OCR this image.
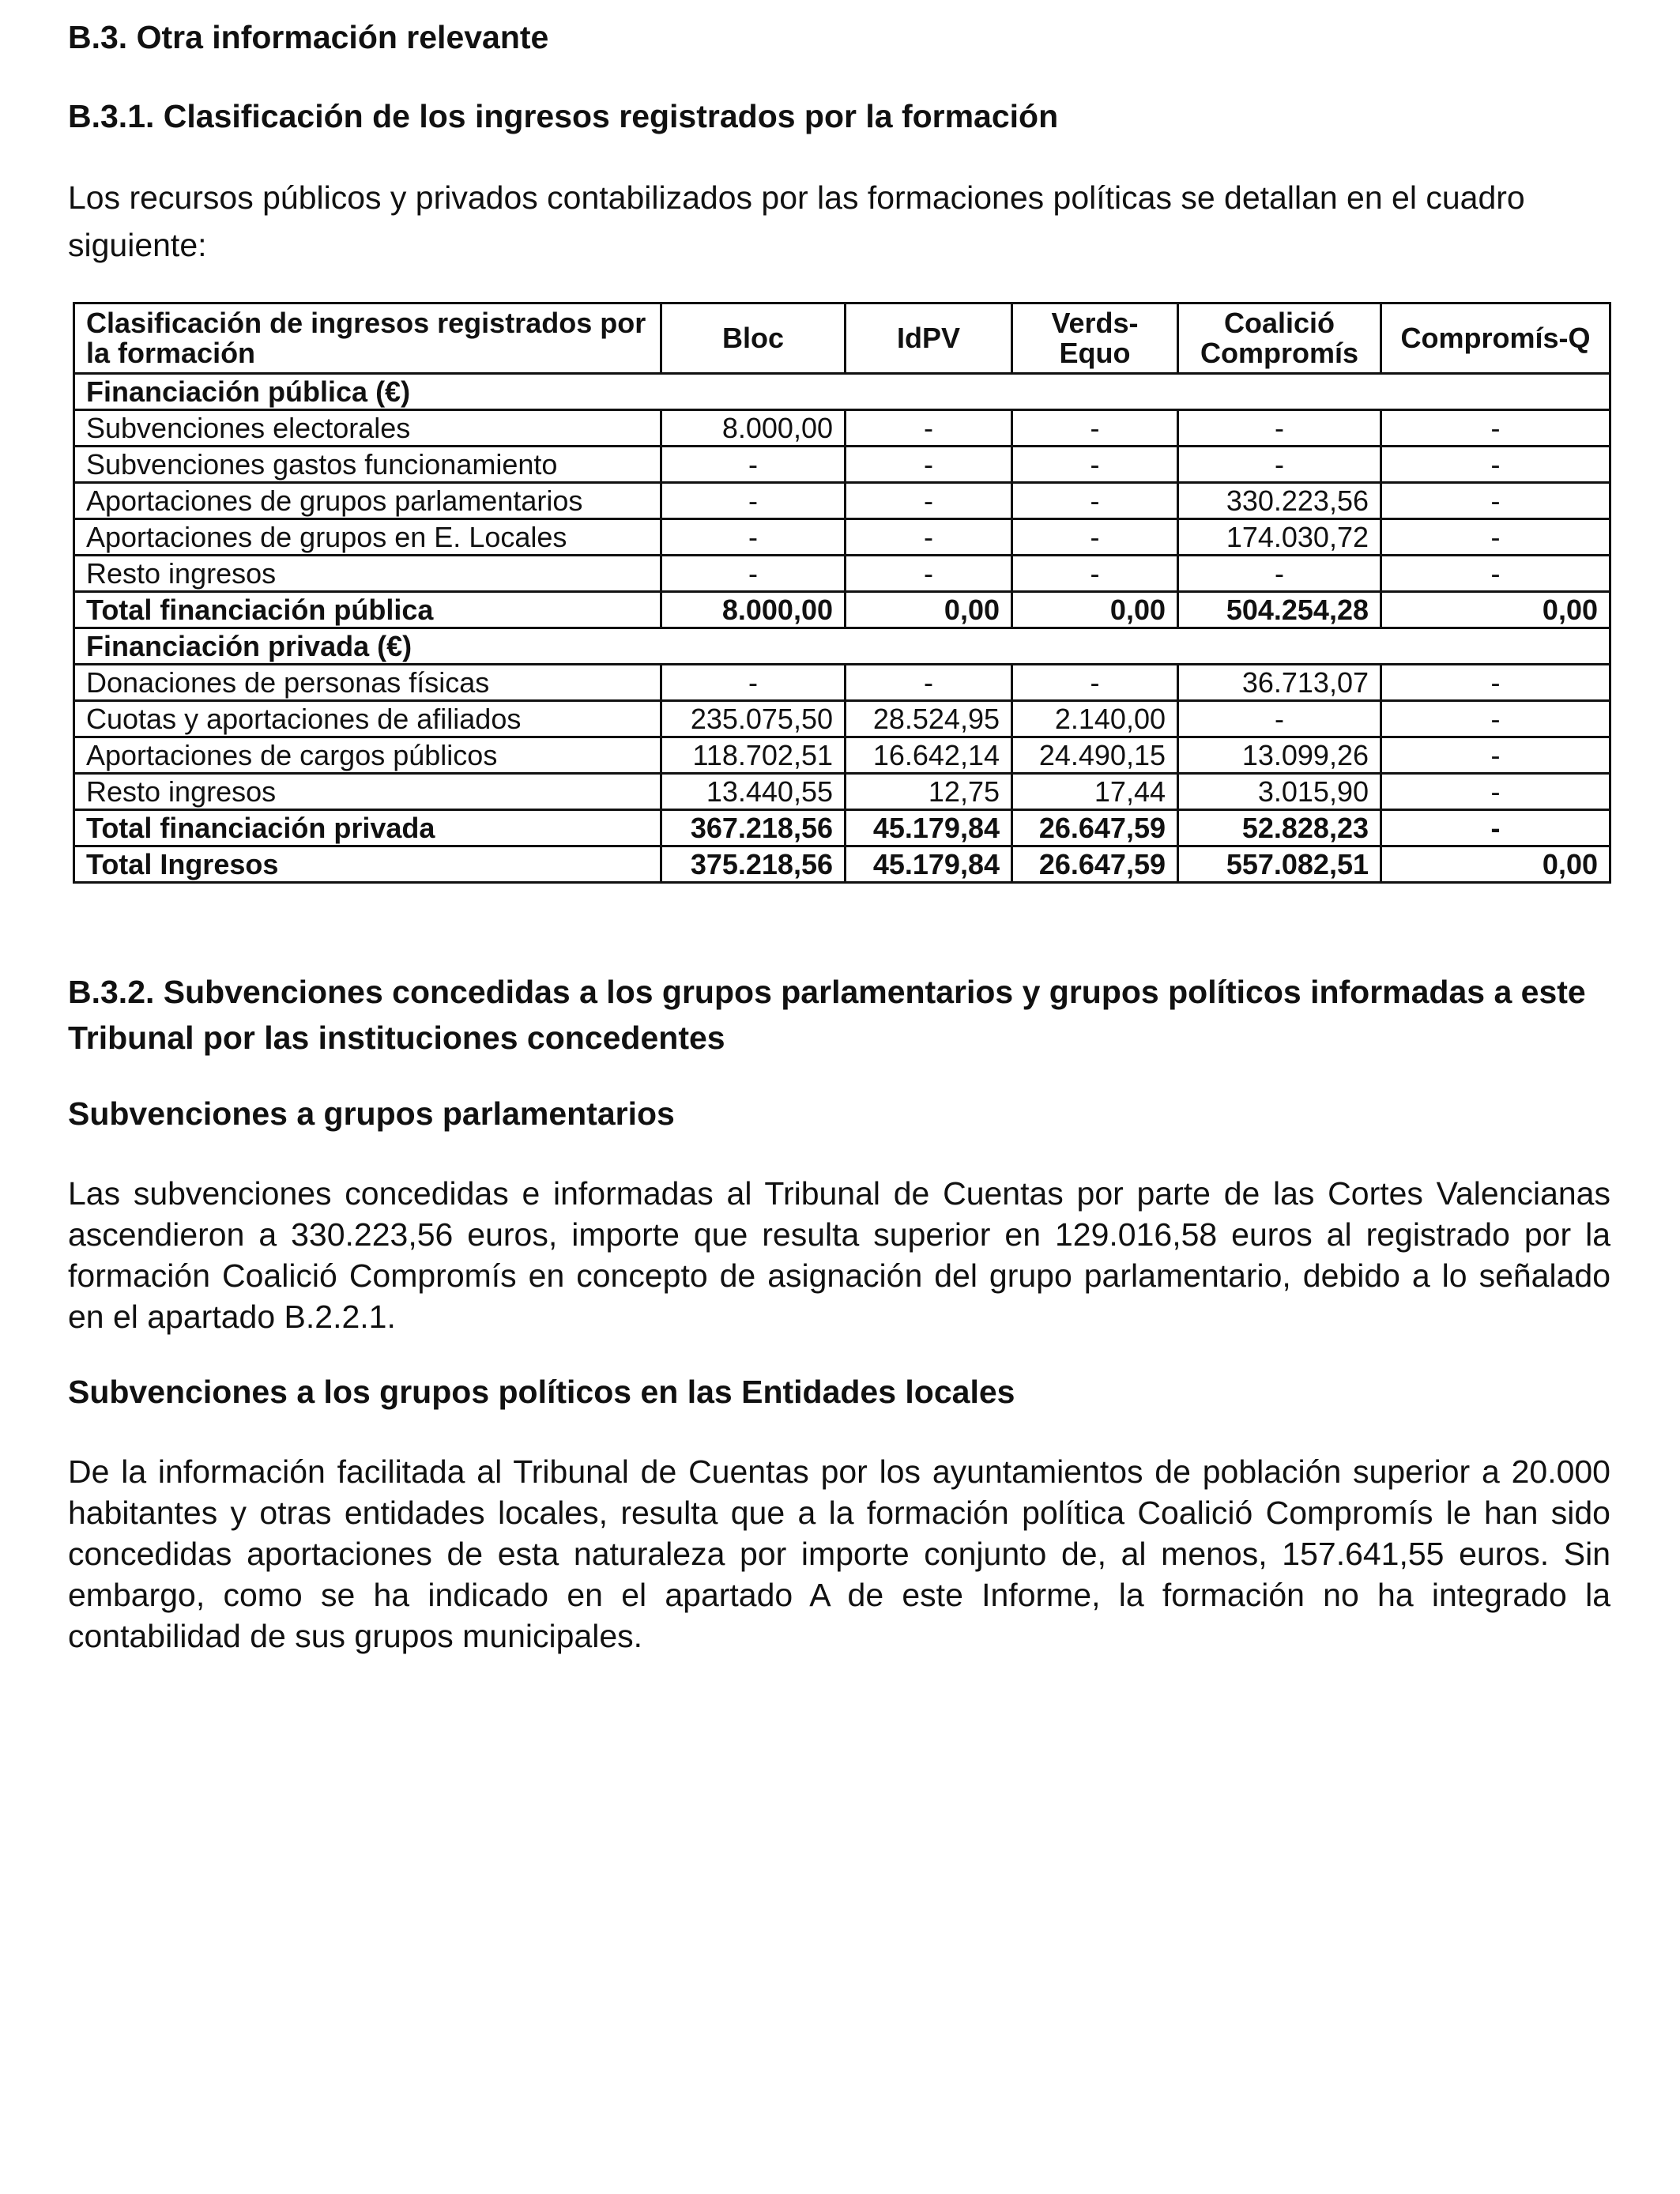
B.3. Otra información relevante
B.3.1. Clasificación de los ingresos registrados por la formación

Los recursos públicos y privados contabilizados por las formaciones políticas se detallan en el cuadro siguiente:

Clasificación de ingresos registrados por la formación	Bloc	IdPV	Verds-Equo	Coalició Compromís	Compromís-Q
Financiación pública (€)					
Subvenciones electorales	8.000,00	-	-	-	-
Subvenciones gastos funcionamiento	-	-	-	-	-
Aportaciones de grupos parlamentarios	-	-	-	330.223,56	-
Aportaciones de grupos en E. Locales	-	-	-	174.030,72	-
Resto ingresos	-	-	-	-	-
Total financiación pública	8.000,00	0,00	0,00	504.254,28	0,00
Financiación privada (€)					
Donaciones de personas físicas	-	-	-	36.713,07	-
Cuotas y aportaciones de afiliados	235.075,50	28.524,95	2.140,00	-	-
Aportaciones de cargos públicos	118.702,51	16.642,14	24.490,15	13.099,26	-
Resto ingresos	13.440,55	12,75	17,44	3.015,90	-
Total financiación privada	367.218,56	45.179,84	26.647,59	52.828,23	-
Total Ingresos	375.218,56	45.179,84	26.647,59	557.082,51	0,00
B.3.2. Subvenciones concedidas a los grupos parlamentarios y grupos políticos informadas a este Tribunal por las instituciones concedentes
Subvenciones a grupos parlamentarios

Las subvenciones concedidas e informadas al Tribunal de Cuentas por parte de las Cortes Valencianas ascendieron a 330.223,56 euros, importe que resulta superior en 129.016,58 euros al registrado por la formación Coalició Compromís en concepto de asignación del grupo parlamentario, debido a lo señalado en el apartado B.2.2.1.

Subvenciones a los grupos políticos en las Entidades locales

De la información facilitada al Tribunal de Cuentas por los ayuntamientos de población superior a 20.000 habitantes y otras entidades locales, resulta que a la formación política Coalició Compromís le han sido concedidas aportaciones de esta naturaleza por importe conjunto de, al menos, 157.641,55 euros. Sin embargo, como se ha indicado en el apartado A de este Informe, la formación no ha integrado la contabilidad de sus grupos municipales.
